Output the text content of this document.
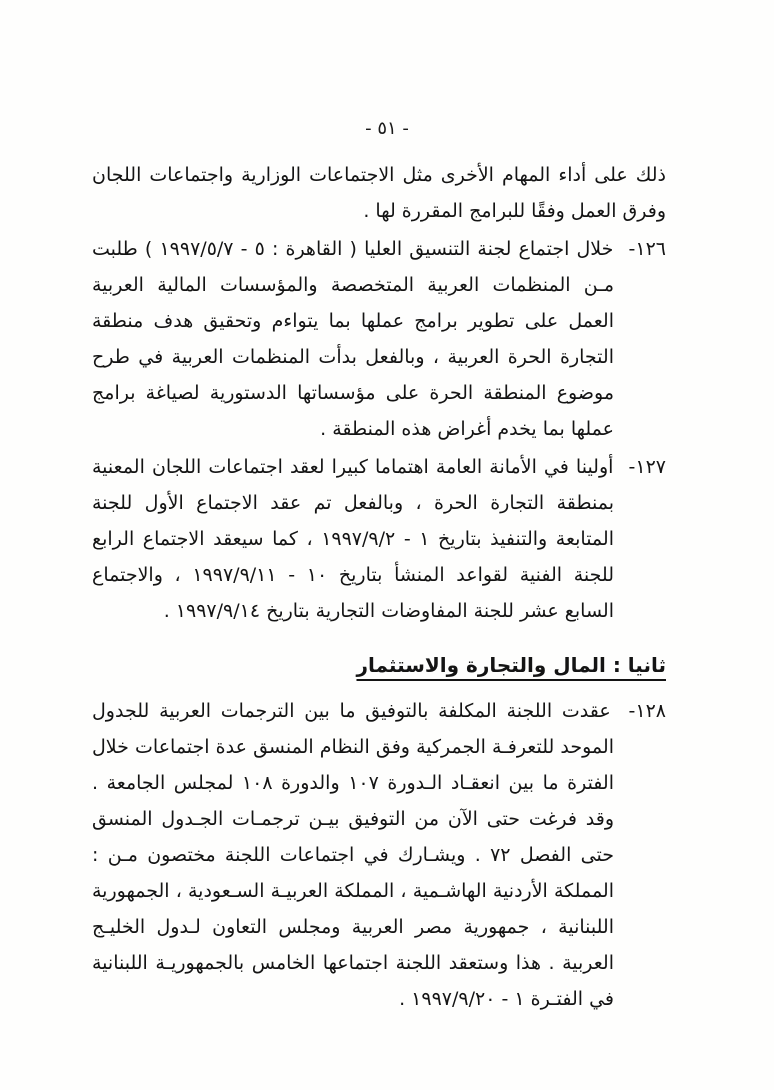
- ٥١ -

ذلك على أداء المهام الأخرى مثل الاجتماعات الوزارية واجتماعات اللجان وفرق العمل وفقًا للبرامج المقررة لها .

١٢٦- خلال اجتماع لجنة التنسيق العليا ( القاهرة : ٥ - ١٩٩٧/٥/٧ ) طلبت مـن المنظمات العربية المتخصصة والمؤسسات المالية العربية العمل على تطوير برامج عملها بما يتواءم وتحقيق هدف منطقة التجارة الحرة العربية ، وبالفعل بدأت المنظمات العربية في طرح موضوع المنطقة الحرة على مؤسساتها الدستورية لصياغة برامج عملها بما يخدم أغراض هذه المنطقة .

١٢٧- أولينا في الأمانة العامة اهتماما كبيرا لعقد اجتماعات اللجان المعنية بمنطقة التجارة الحرة ، وبالفعل تم عقد الاجتماع الأول للجنة المتابعة والتنفيذ بتاريخ ١ - ١٩٩٧/٩/٢ ، كما سيعقد الاجتماع الرابع للجنة الفنية لقواعد المنشأ بتاريخ ١٠ - ١٩٩٧/٩/١١ ، والاجتماع السابع عشر للجنة المفاوضات التجارية بتاريخ ١٩٩٧/٩/١٤ .

ثانيا : المال والتجارة والاستثمار

١٢٨- عقدت اللجنة المكلفة بالتوفيق ما بين الترجمات العربية للجدول الموحد للتعرفـة الجمركية وفق النظام المنسق عدة اجتماعات خلال الفترة ما بين انعقـاد الـدورة ١٠٧ والدورة ١٠٨ لمجلس الجامعة . وقد فرغت حتى الآن من التوفيق بيـن ترجمـات الجـدول المنسق حتى الفصل ٧٢ . ويشـارك في اجتماعات اللجنة مختصون مـن : المملكة الأردنية الهاشـمية ، المملكة العربيـة السـعودية ، الجمهورية اللبنانية ، جمهورية مصر العربية ومجلس التعاون لـدول الخليـج العربية . هذا وستعقد اللجنة اجتماعها الخامس بالجمهوريـة اللبنانية في الفتـرة ١ - ١٩٩٧/٩/٢٠ .
